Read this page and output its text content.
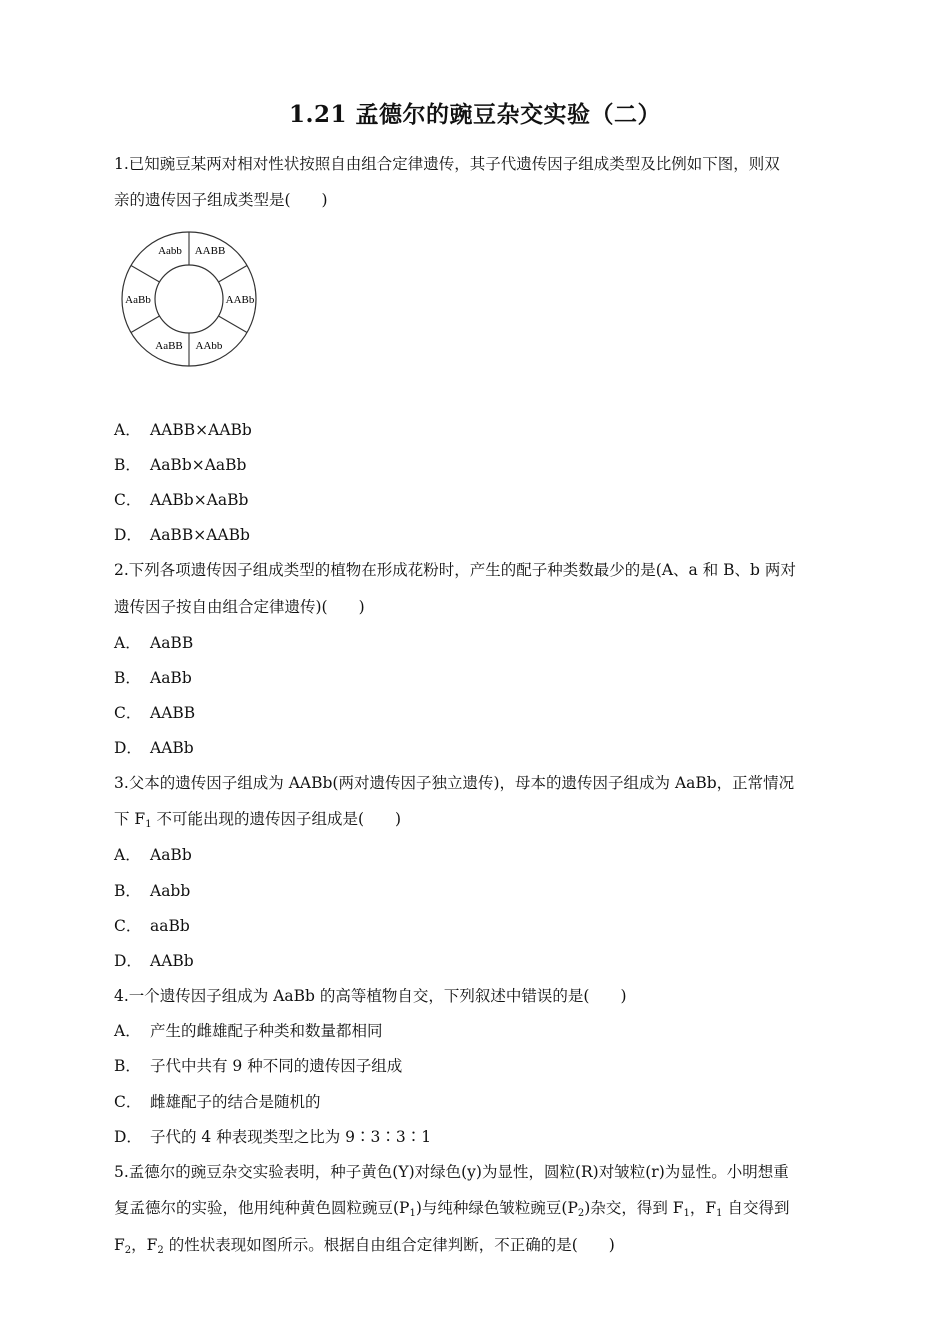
1.21 孟德尔的豌豆杂交实验（二）
1.已知豌豆某两对相对性状按照自由组合定律遗传，其子代遗传因子组成类型及比例如下图，则双
亲的遗传因子组成类型是(　　)
Aabb AABB
AaBb	AABb
AaBB AAbb
A． AABB×AABb
B． AaBb×AaBb
C． AABb×AaBb
D． AaBB×AABb
2.下列各项遗传因子组成类型的植物在形成花粉时，产生的配子种类数最少的是(A、a 和 B、b 两对
遗传因子按自由组合定律遗传)(　　)
A． AaBB
B． AaBb
C． AABB
D． AABb
3.父本的遗传因子组成为 AABb(两对遗传因子独立遗传)，母本的遗传因子组成为 AaBb，正常情况
下 $F_1$ 不可能出现的遗传因子组成是(　　)
A． AaBb
B． Aabb
C． aaBb
D． AABb
4.一个遗传因子组成为 AaBb 的高等植物自交，下列叙述中错误的是(　　)
A． 产生的雌雄配子种类和数量都相同
B． 子代中共有 9 种不同的遗传因子组成
C． 雌雄配子的结合是随机的
D． 子代的 4 种表现类型之比为 9∶3∶3∶1
5.孟德尔的豌豆杂交实验表明，种子黄色(Y)对绿色(y)为显性，圆粒(R)对皱粒(r)为显性。小明想重
复孟德尔的实验，他用纯种黄色圆粒豌豆$(P_1)$与纯种绿色皱粒豌豆$(P_2)$杂交，得到 $F_1$，$F_1$ 自交得到
$F_2$，$F_2$ 的性状表现如图所示。根据自由组合定律判断，不正确的是(　　)
